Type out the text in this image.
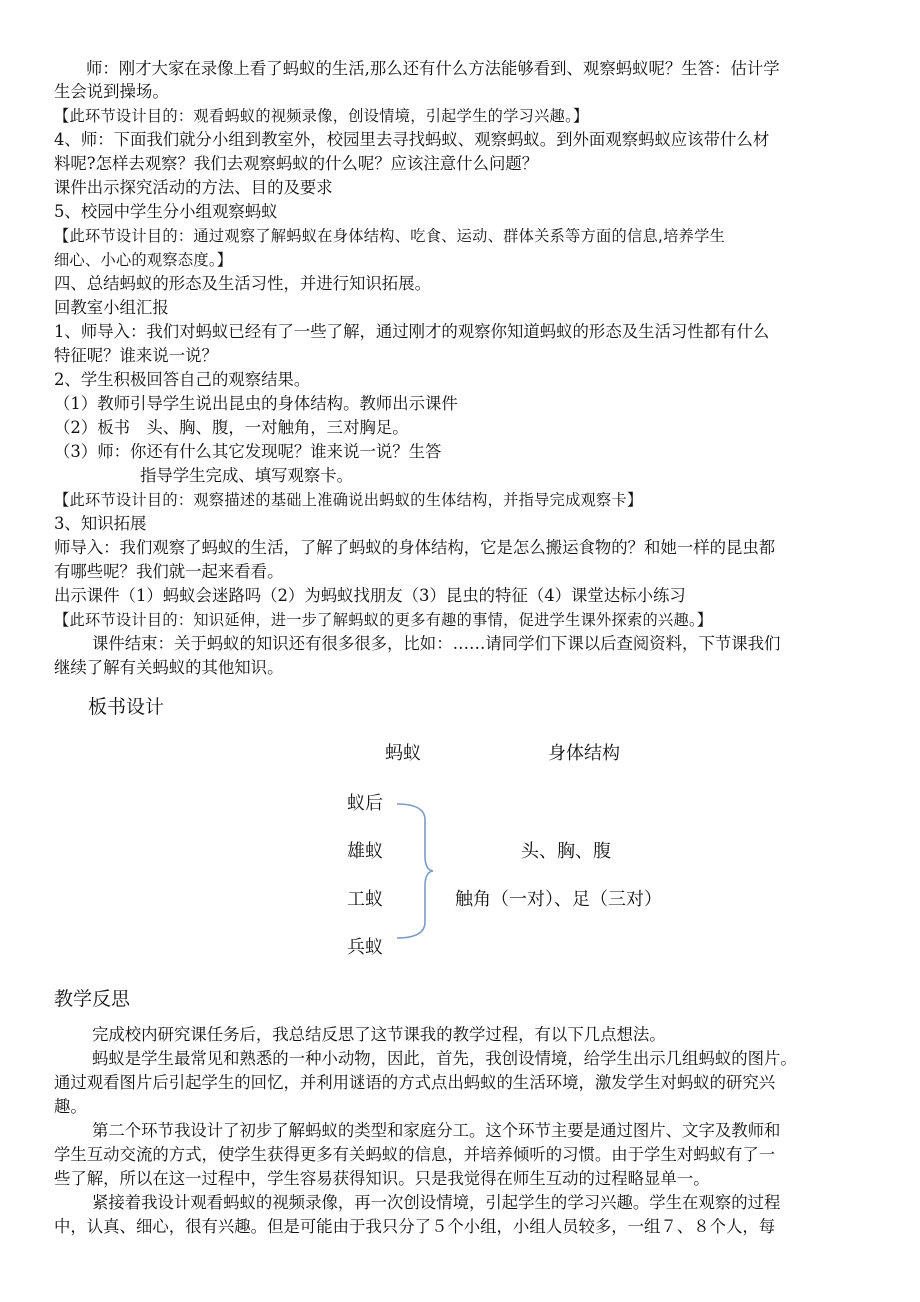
师：刚才大家在录像上看了蚂蚁的生活,那么还有什么方法能够看到、观察蚂蚁呢？生答：估计学
生会说到操场。
【此环节设计目的：观看蚂蚁的视频录像，创设情境，引起学生的学习兴趣。】
4、师：下面我们就分小组到教室外，校园里去寻找蚂蚁、观察蚂蚁。到外面观察蚂蚁应该带什么材
料呢?怎样去观察？我们去观察蚂蚁的什么呢？应该注意什么问题？
课件出示探究活动的方法、目的及要求
5、校园中学生分小组观察蚂蚁
【此环节设计目的：通过观察了解蚂蚁在身体结构、吃食、运动、群体关系等方面的信息,培养学生
细心、小心的观察态度。】
四、总结蚂蚁的形态及生活习性，并进行知识拓展。
回教室小组汇报
1、师导入：我们对蚂蚁已经有了一些了解，通过刚才的观察你知道蚂蚁的形态及生活习性都有什么
特征呢？谁来说一说？
2、学生积极回答自己的观察结果。
（1）教师引导学生说出昆虫的身体结构。教师出示课件
（2）板书　头、胸、腹，一对触角，三对胸足。
（3）师：你还有什么其它发现呢？谁来说一说？生答
指导学生完成、填写观察卡。
【此环节设计目的：观察描述的基础上准确说出蚂蚁的生体结构，并指导完成观察卡】
3、知识拓展
师导入：我们观察了蚂蚁的生活，了解了蚂蚁的身体结构，它是怎么搬运食物的？和她一样的昆虫都
有哪些呢？我们就一起来看看。
出示课件（1）蚂蚁会迷路吗（2）为蚂蚁找朋友（3）昆虫的特征（4）课堂达标小练习
【此环节设计目的：知识延伸，进一步了解蚂蚁的更多有趣的事情，促进学生课外探索的兴趣。】
课件结束：关于蚂蚁的知识还有很多很多，比如：……请同学们下课以后查阅资料，下节课我们
继续了解有关蚂蚁的其他知识。
板书设计
蚂蚁	身体结构
蚁后
雄蚁
工蚁
兵蚁
头、胸、腹
触角（一对）、足（三对）
教学反思
完成校内研究课任务后，我总结反思了这节课我的教学过程，有以下几点想法。
蚂蚁是学生最常见和熟悉的一种小动物，因此，首先，我创设情境，给学生出示几组蚂蚁的图片。
通过观看图片后引起学生的回忆，并利用谜语的方式点出蚂蚁的生活环境，激发学生对蚂蚁的研究兴
趣。
第二个环节我设计了初步了解蚂蚁的类型和家庭分工。这个环节主要是通过图片、文字及教师和
学生互动交流的方式，使学生获得更多有关蚂蚁的信息，并培养倾听的习惯。由于学生对蚂蚁有了一
些了解，所以在这一过程中，学生容易获得知识。只是我觉得在师生互动的过程略显单一。
紧接着我设计观看蚂蚁的视频录像，再一次创设情境，引起学生的学习兴趣。学生在观察的过程
中，认真、细心，很有兴趣。但是可能由于我只分了５个小组，小组人员较多，一组７、８个人，每
